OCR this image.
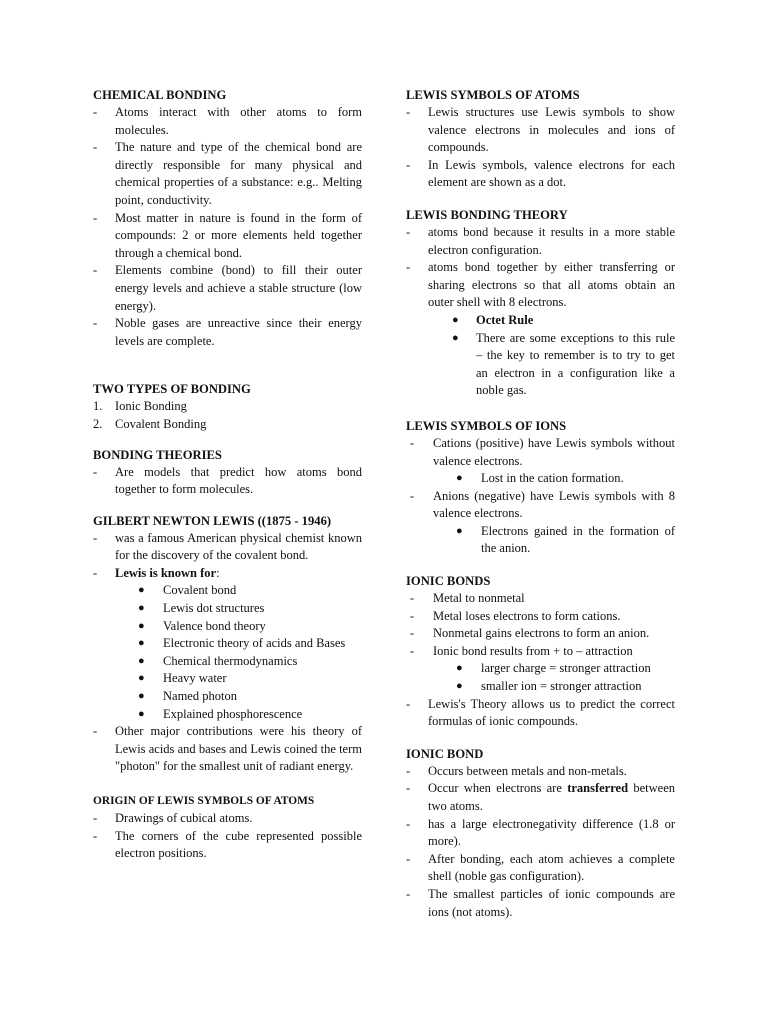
CHEMICAL BONDING
- Atoms interact with other atoms to form molecules.
- The nature and type of the chemical bond are directly responsible for many physical and chemical properties of a substance: e.g.. Melting point, conductivity.
- Most matter in nature is found in the form of compounds: 2 or more elements held together through a chemical bond.
- Elements combine (bond) to fill their outer energy levels and achieve a stable structure (low energy).
- Noble gases are unreactive since their energy levels are complete.
TWO TYPES OF BONDING
1. Ionic Bonding
2. Covalent Bonding
BONDING THEORIES
- Are models that predict how atoms bond together to form molecules.
GILBERT NEWTON LEWIS ((1875 - 1946)
- was a famous American physical chemist known for the discovery of the covalent bond.
- Lewis is known for:
● Covalent bond
● Lewis dot structures
● Valence bond theory
● Electronic theory of acids and Bases
● Chemical thermodynamics
● Heavy water
● Named photon
● Explained phosphorescence
- Other major contributions were his theory of Lewis acids and bases and Lewis coined the term "photon" for the smallest unit of radiant energy.
ORIGIN OF LEWIS SYMBOLS OF ATOMS
- Drawings of cubical atoms.
- The corners of the cube represented possible electron positions.
LEWIS SYMBOLS OF ATOMS
- Lewis structures use Lewis symbols to show valence electrons in molecules and ions of compounds.
- In Lewis symbols, valence electrons for each element are shown as a dot.
LEWIS BONDING THEORY
- atoms bond because it results in a more stable electron configuration.
- atoms bond together by either transferring or sharing electrons so that all atoms obtain an outer shell with 8 electrons.
● Octet Rule
● There are some exceptions to this rule – the key to remember is to try to get an electron in a configuration like a noble gas.
LEWIS SYMBOLS OF IONS
- Cations (positive) have Lewis symbols without valence electrons.
● Lost in the cation formation.
- Anions (negative) have Lewis symbols with 8 valence electrons.
● Electrons gained in the formation of the anion.
IONIC BONDS
- Metal to nonmetal
- Metal loses electrons to form cations.
- Nonmetal gains electrons to form an anion.
- Ionic bond results from + to – attraction
● larger charge = stronger attraction
● smaller ion = stronger attraction
- Lewis's Theory allows us to predict the correct formulas of ionic compounds.
IONIC BOND
- Occurs between metals and non-metals.
- Occur when electrons are transferred between two atoms.
- has a large electronegativity difference (1.8 or more).
- After bonding, each atom achieves a complete shell (noble gas configuration).
- The smallest particles of ionic compounds are ions (not atoms).
